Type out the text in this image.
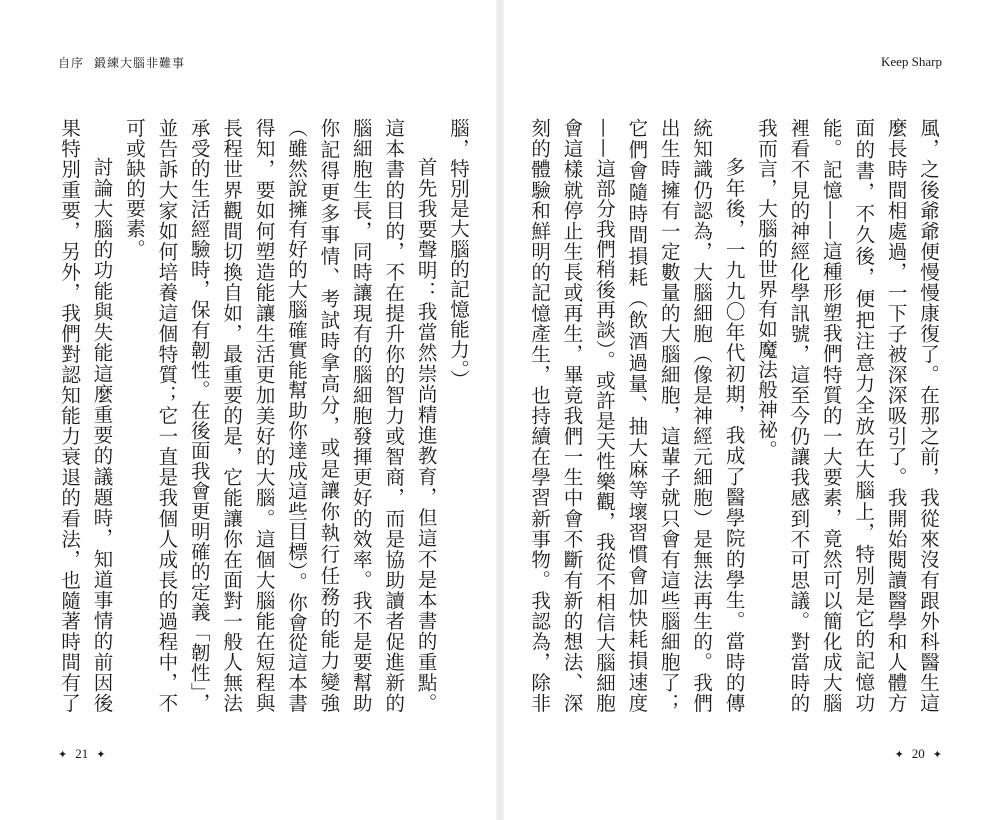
自序 鍛練大腦非難事	Keep Sharp

腦，特別是大腦的記憶能力。）

首先我要聲明：我當然崇尚精進教育，但這不是本書的重點。這本書的目的，不在提升你的智力或智商，而是協助讀者促進新的腦細胞生長，同時讓現有的腦細胞發揮更好的效率。我不是要幫助你記得更多事情、考試時拿高分，或是讓你執行任務的能力變強（雖然說擁有好的大腦確實能幫助你達成這些目標）。你會從這本書得知，要如何塑造能讓生活更加美好的大腦。這個大腦能在短程與長程世界觀間切換自如，最重要的是，它能讓你在面對一般人無法承受的生活經驗時，保有韌性。在後面我會更明確的定義「韌性」，並告訴大家如何培養這個特質；它一直是我個人成長的過程中，不可或缺的要素。

討論大腦的功能與失能這麼重要的議題時，知道事情的前因後果特別重要，另外，我們對認知能力衰退的看法，也隨著時間有了	風，之後爺爺便慢慢康復了。在那之前，我從來沒有跟外科醫生這麼長時間相處過，一下子被深深吸引了。我開始閱讀醫學和人體方面的書，不久後，便把注意力全放在大腦上，特別是它的記憶功能。記憶——這種形塑我們特質的一大要素，竟然可以簡化成大腦裡看不見的神經化學訊號，這至今仍讓我感到不可思議。對當時的我而言，大腦的世界有如魔法般神祕。

多年後，一九九〇年代初期，我成了醫學院的學生。當時的傳統知識仍認為，大腦細胞（像是神經元細胞）是無法再生的。我們出生時擁有一定數量的大腦細胞，這輩子就只會有這些腦細胞了；它們會隨時間損耗（飲酒過量、抽大麻等壞習慣會加快耗損速度——這部分我們稍後再談）。或許是天性樂觀，我從不相信大腦細胞會這樣就停止生長或再生，畢竟我們一生中會不斷有新的想法、深刻的體驗和鮮明的記憶產生，也持續在學習新事物。我認為，除非

✦ 21 ✦	✦ 20 ✦
